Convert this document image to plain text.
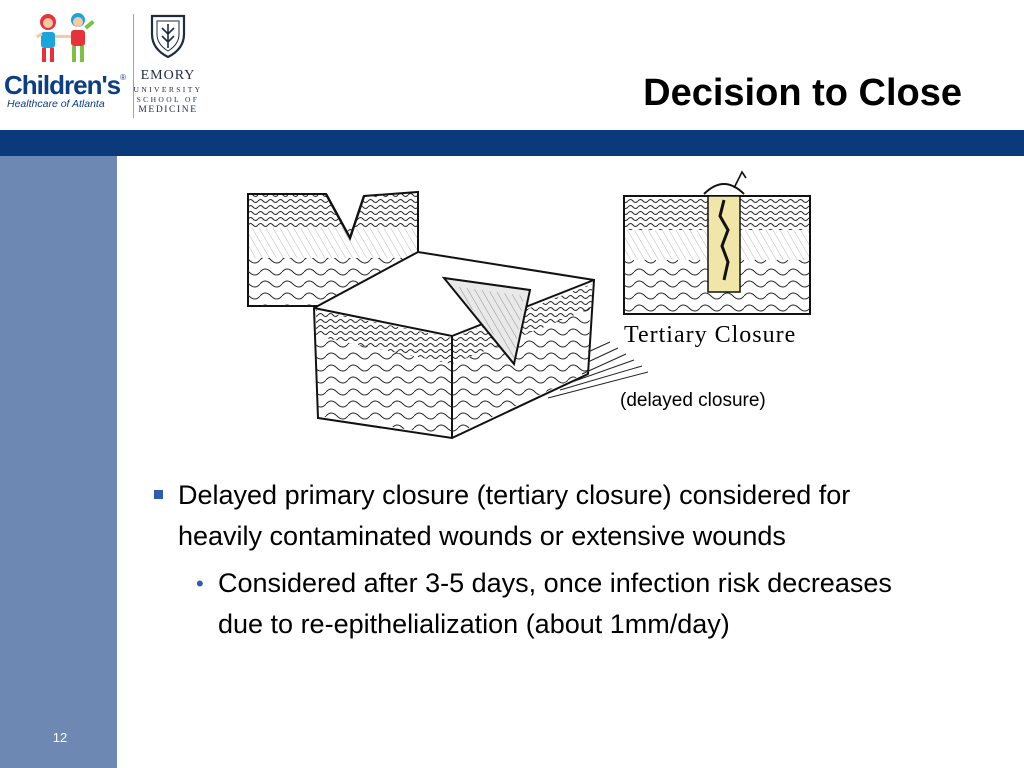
Children's®
Healthcare of Atlanta
EMORY
UNIVERSITY
SCHOOL OF
MEDICINE	Decision to Close
12
Tertiary Closure
(delayed closure)
Delayed primary closure (tertiary closure) considered for heavily contaminated wounds or extensive wounds
• Considered after 3-5 days, once infection risk decreases due to re-epithelialization (about 1mm/day)
